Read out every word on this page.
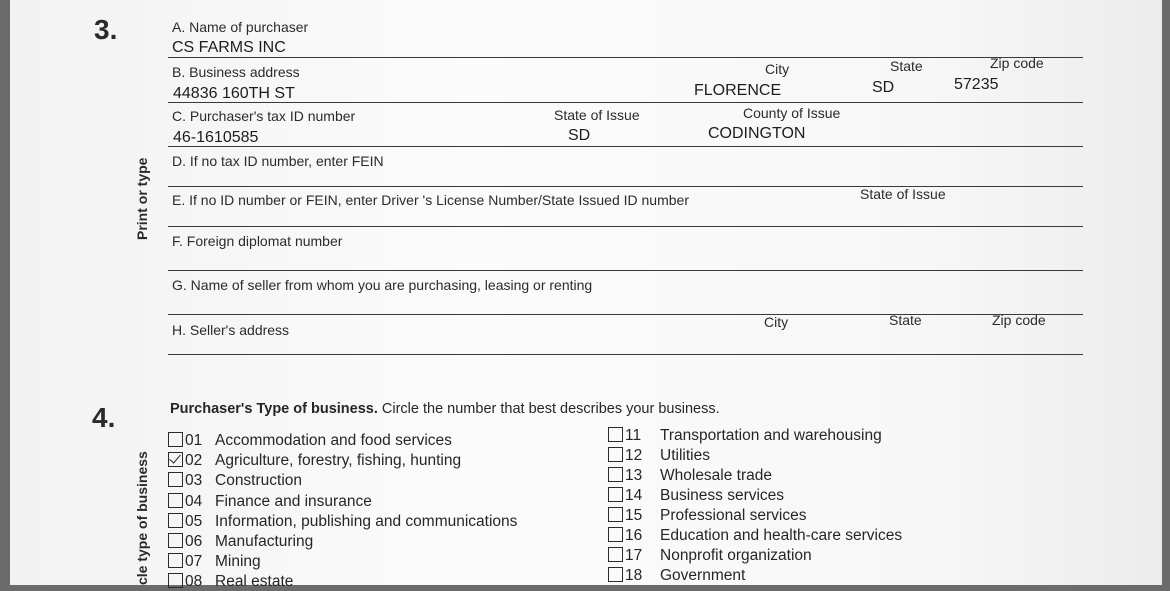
3.
Print or type
A. Name of purchaser
CS FARMS INC
B. Business address	City	State	Zip code
44836 160TH ST	FLORENCE	SD	57235
C. Purchaser's tax ID number	State of Issue	County of Issue
46-1610585	SD	CODINGTON
D. If no tax ID number, enter FEIN
E. If no ID number or FEIN, enter Driver 's License Number/State Issued ID number	State of Issue
F. Foreign diplomat number
G. Name of seller from whom you are purchasing, leasing or renting
H. Seller's address	City	State	Zip code
4.
cle type of business
Purchaser's Type of business. Circle the number that best describes your business.
01 Accommodation and food services
02 Agriculture, forestry, fishing, hunting
03 Construction
04 Finance and insurance
05 Information, publishing and communications
06 Manufacturing
07 Mining
08 Real estate
11 Transportation and warehousing
12 Utilities
13 Wholesale trade
14 Business services
15 Professional services
16 Education and health-care services
17 Nonprofit organization
18 Government
